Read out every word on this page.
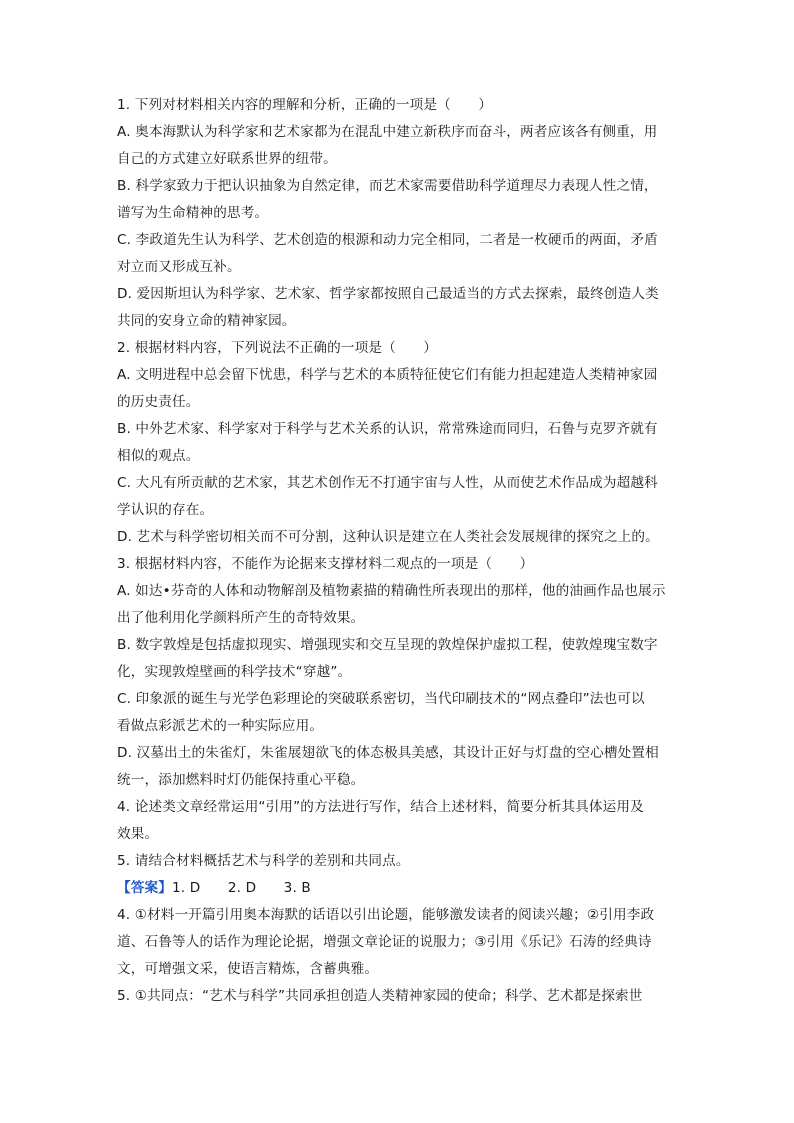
1. 下列对材料相关内容的理解和分析，正确的一项是（　　）
A. 奥本海默认为科学家和艺术家都为在混乱中建立新秩序而奋斗，两者应该各有侧重，用
自己的方式建立好联系世界的纽带。
B. 科学家致力于把认识抽象为自然定律，而艺术家需要借助科学道理尽力表现人性之情，
谱写为生命精神的思考。
C. 李政道先生认为科学、艺术创造的根源和动力完全相同，二者是一枚硬币的两面，矛盾
对立而又形成互补。
D. 爱因斯坦认为科学家、艺术家、哲学家都按照自己最适当的方式去探索，最终创造人类
共同的安身立命的精神家园。
2. 根据材料内容，下列说法不正确的一项是（　　）
A. 文明进程中总会留下忧患，科学与艺术的本质特征使它们有能力担起建造人类精神家园
的历史责任。
B. 中外艺术家、科学家对于科学与艺术关系的认识，常常殊途而同归，石鲁与克罗齐就有
相似的观点。
C. 大凡有所贡献的艺术家，其艺术创作无不打通宇宙与人性，从而使艺术作品成为超越科
学认识的存在。
D. 艺术与科学密切相关而不可分割，这种认识是建立在人类社会发展规律的探究之上的。
3. 根据材料内容，不能作为论据来支撑材料二观点的一项是（　　）
A. 如达•芬奇的人体和动物解剖及植物素描的精确性所表现出的那样，他的油画作品也展示
出了他利用化学颜料所产生的奇特效果。
B. 数字敦煌是包括虚拟现实、增强现实和交互呈现的敦煌保护虚拟工程，使敦煌瑰宝数字
化，实现敦煌壁画的科学技术“穿越”。
C. 印象派的诞生与光学色彩理论的突破联系密切，当代印刷技术的“网点叠印”法也可以
看做点彩派艺术的一种实际应用。
D. 汉墓出土的朱雀灯，朱雀展翅欲飞的体态极具美感，其设计正好与灯盘的空心槽处置相
统一，添加燃料时灯仍能保持重心平稳。
4. 论述类文章经常运用“引用”的方法进行写作，结合上述材料，简要分析其具体运用及
效果。
5. 请结合材料概括艺术与科学的差别和共同点。
【答案】1. D　　2. D　　3. B
4. ①材料一开篇引用奥本海默的话语以引出论题，能够激发读者的阅读兴趣；②引用李政
道、石鲁等人的话作为理论论据，增强文章论证的说服力；③引用《乐记》石涛的经典诗
文，可增强文采，使语言精炼，含蓄典雅。
5. ①共同点：“艺术与科学”共同承担创造人类精神家园的使命；科学、艺术都是探索世
